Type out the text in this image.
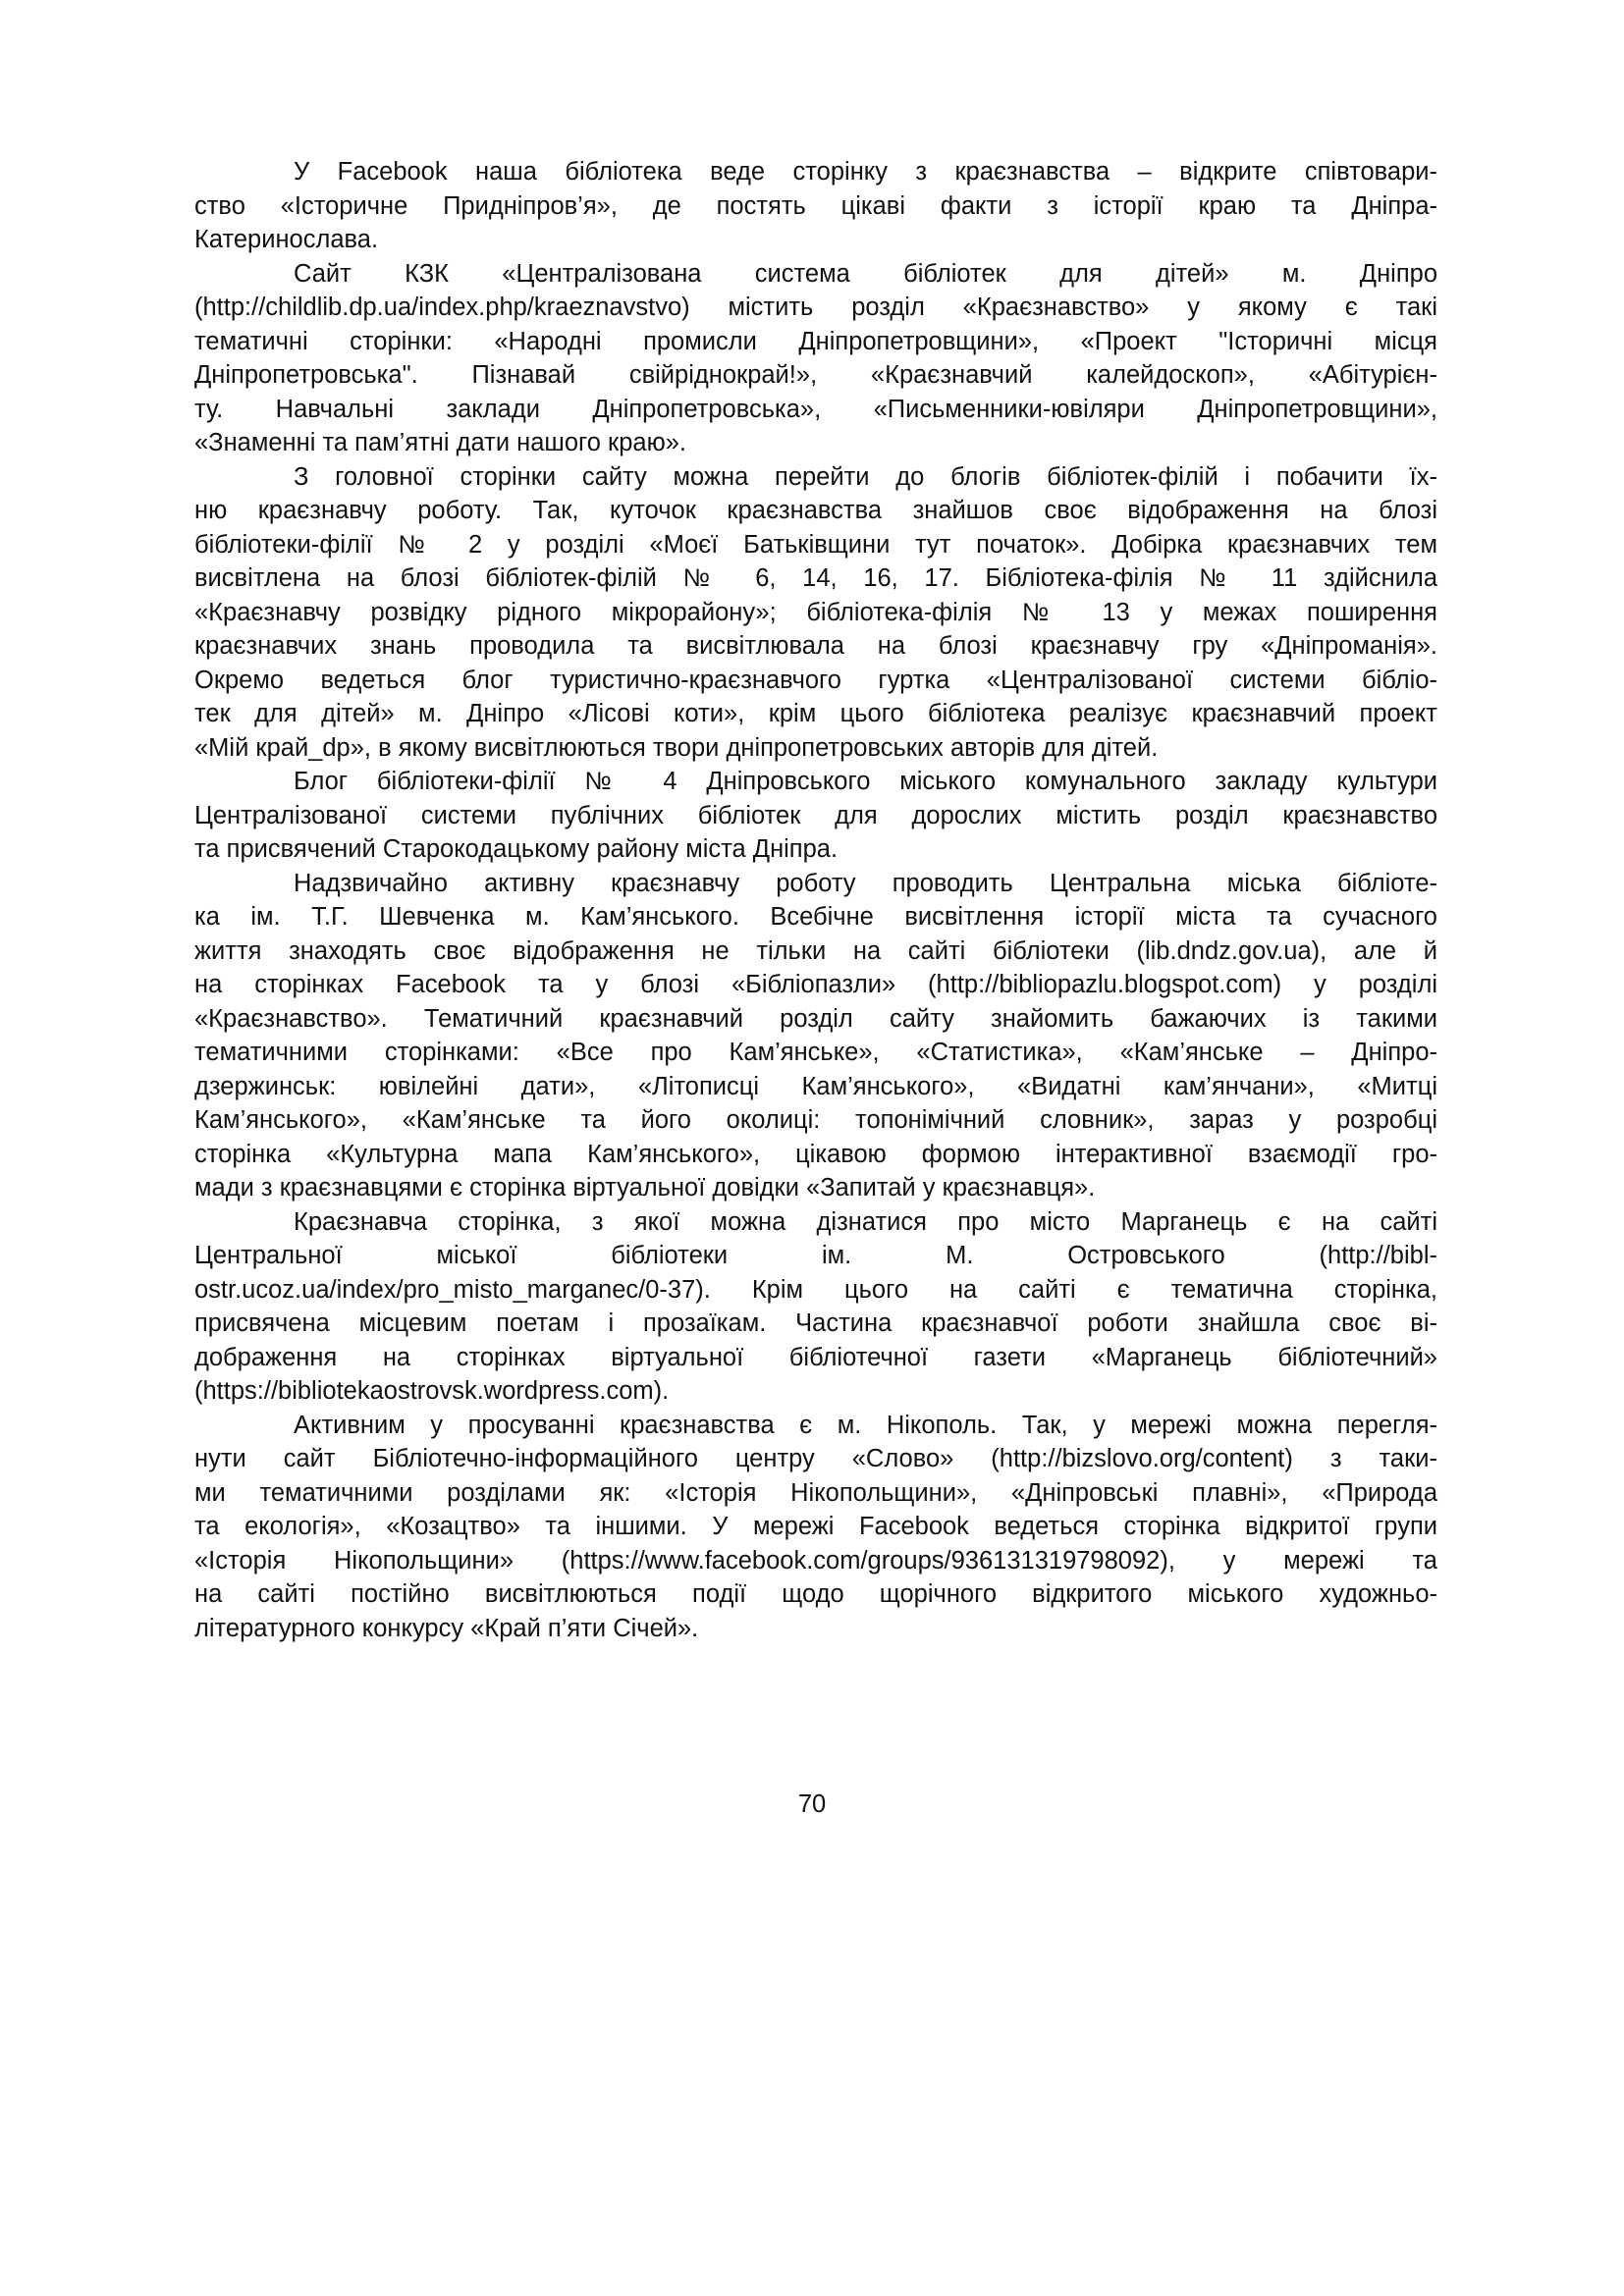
У Facebook наша бібліотека веде сторінку з краєзнавства – відкрите співтовари-
ство «Історичне Придніпров’я», де постять цікаві факти з історії краю та Дніпра-
Катеринослава.
Сайт КЗК «Централізована система бібліотек для дітей» м. Дніпро
(http://childlib.dp.ua/index.php/kraeznavstvo) містить розділ «Краєзнавство» у якому є такі
тематичні сторінки: «Народні промисли Дніпропетровщини», «Проект "Історичні місця
Дніпропетровська". Пізнавай свійріднокрай!», «Краєзнавчий калейдоскоп», «Абітурієн-
ту. Навчальні заклади Дніпропетровська», «Письменники-ювіляри Дніпропетровщини»,
«Знаменні та пам’ятні дати нашого краю».
З головної сторінки сайту можна перейти до блогів бібліотек-філій і побачити їх-
ню краєзнавчу роботу. Так, куточок краєзнавства знайшов своє відображення на блозі
бібліотеки-філії № 2 у розділі «Моєї Батьківщини тут початок». Добірка краєзнавчих тем
висвітлена на блозі бібліотек-філій № 6, 14, 16, 17. Бібліотека-філія № 11 здійснила
«Краєзнавчу розвідку рідного мікрорайону»; бібліотека-філія № 13 у межах поширення
краєзнавчих знань проводила та висвітлювала на блозі краєзнавчу гру «Дніпроманія».
Окремо ведеться блог туристично-краєзнавчого гуртка «Централізованої системи бібліо-
тек для дітей» м. Дніпро «Лісові коти», крім цього бібліотека реалізує краєзнавчий проект
«Мій край_dp», в якому висвітлюються твори дніпропетровських авторів для дітей.
Блог бібліотеки-філії № 4 Дніпровського міського комунального закладу культури
Централізованої системи публічних бібліотек для дорослих містить розділ краєзнавство
та присвячений Старокодацькому району міста Дніпра.
Надзвичайно активну краєзнавчу роботу проводить Центральна міська бібліоте-
ка ім. Т.Г. Шевченка м. Кам’янського. Всебічне висвітлення історії міста та сучасного
життя знаходять своє відображення не тільки на сайті бібліотеки (lib.dndz.gov.ua), але й
на сторінках Facebook та у блозі «Бібліопазли» (http://bibliopazlu.blogspot.com) у розділі
«Краєзнавство». Тематичний краєзнавчий розділ сайту знайомить бажаючих із такими
тематичними сторінками: «Все про Кам’янське», «Статистика», «Кам’янське – Дніпро-
дзержинськ: ювілейні дати», «Літописці Кам’янського», «Видатні кам’янчани», «Митці
Кам’янського», «Кам’янське та його околиці: топонімічний словник», зараз у розробці
сторінка «Культурна мапа Кам’янського», цікавою формою інтерактивної взаємодії гро-
мади з краєзнавцями є сторінка віртуальної довідки «Запитай у краєзнавця».
Краєзнавча сторінка, з якої можна дізнатися про місто Марганець є на сайті
Центральної міської бібліотеки ім. М. Островського (http://bibl-
ostr.ucoz.ua/index/pro_misto_marganec/0-37). Крім цього на сайті є тематична сторінка,
присвячена місцевим поетам і прозаїкам. Частина краєзнавчої роботи знайшла своє ві-
дображення на сторінках віртуальної бібліотечної газети «Марганець бібліотечний»
(https://bibliotekaostrovsk.wordpress.com).
Активним у просуванні краєзнавства є м. Нікополь. Так, у мережі можна перегля-
нути сайт Бібліотечно-інформаційного центру «Слово» (http://bizslovo.org/content) з таки-
ми тематичними розділами як: «Історія Нікопольщини», «Дніпровські плавні», «Природа
та екологія», «Козацтво» та іншими. У мережі Facebook ведеться сторінка відкритої групи
«Історія Нікопольщини» (https://www.facebook.com/groups/936131319798092), у мережі та
на сайті постійно висвітлюються події щодо щорічного відкритого міського художньо-
літературного конкурсу «Край п’яти Січей».
70
